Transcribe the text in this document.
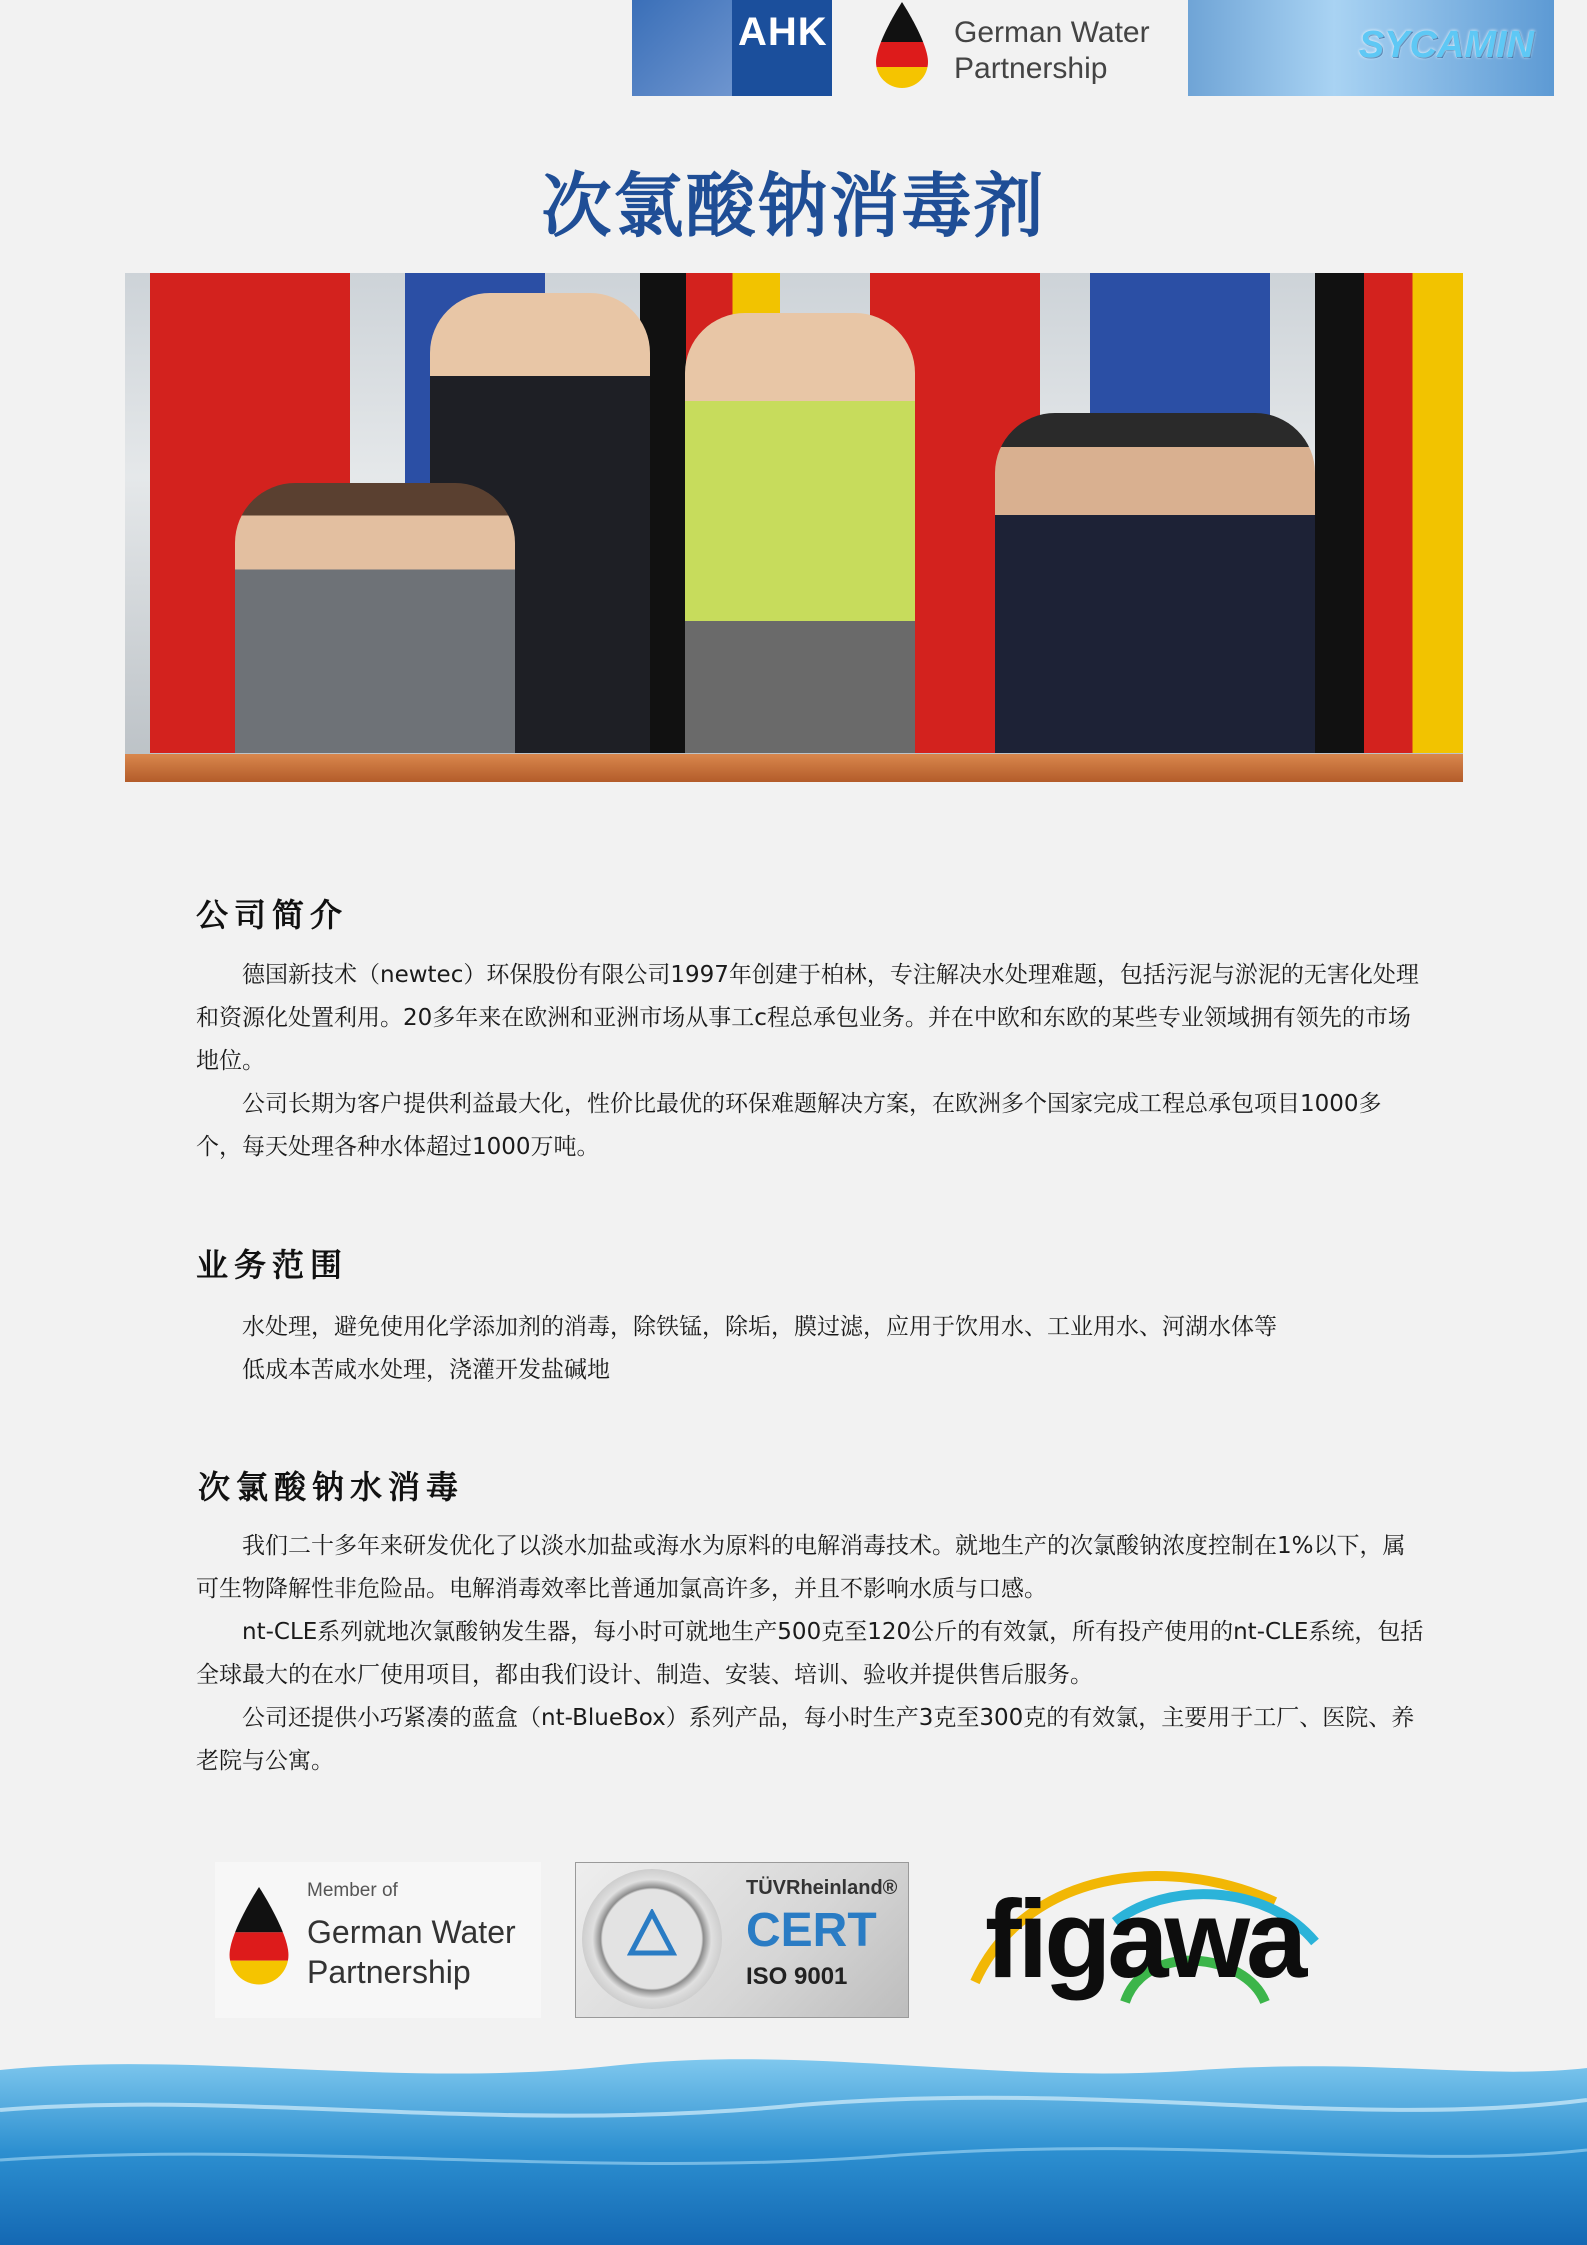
AHK	German Water
Partnership
SYCAMIN
次氯酸钠消毒剂
公司简介

德国新技术（newtec）环保股份有限公司1997年创建于柏林，专注解决水处理难题，包括污泥与淤泥的无害化处理和资源化处置利用。20多年来在欧洲和亚洲市场从事工c程总承包业务。并在中欧和东欧的某些专业领域拥有领先的市场地位。

公司长期为客户提供利益最大化，性价比最优的环保难题解决方案，在欧洲多个国家完成工程总承包项目1000多个，每天处理各种水体超过1000万吨。

业务范围
水处理，避免使用化学添加剂的消毒，除铁锰，除垢，膜过滤，应用于饮用水、工业用水、河湖水体等
低成本苦咸水处理，浇灌开发盐碱地
次氯酸钠水消毒

我们二十多年来研发优化了以淡水加盐或海水为原料的电解消毒技术。就地生产的次氯酸钠浓度控制在1%以下，属可生物降解性非危险品。电解消毒效率比普通加氯高许多，并且不影响水质与口感。

nt-CLE系列就地次氯酸钠发生器，每小时可就地生产500克至120公斤的有效氯，所有投产使用的nt-CLE系统，包括全球最大的在水厂使用项目，都由我们设计、制造、安装、培训、验收并提供售后服务。

公司还提供小巧紧凑的蓝盒（nt-BlueBox）系列产品，每小时生产3克至300克的有效氯，主要用于工厂、医院、养老院与公寓。

Member of
German Water
Partnership
TÜVRheinland®
CERT
ISO 9001 figawa
